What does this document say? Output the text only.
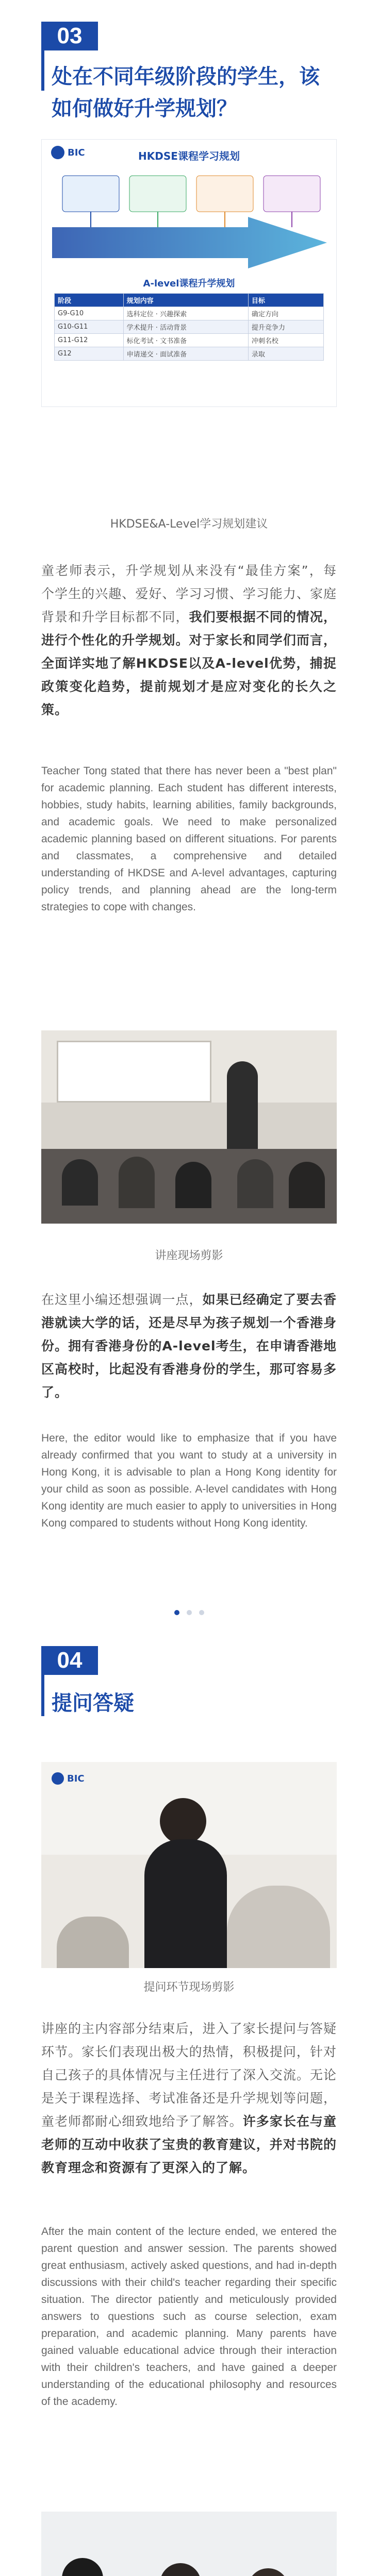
03
处在不同年级阶段的学生，该如何做好升学规划？
BIC	HKDSE课程学习规划
A-level课程升学规划
阶段	规划内容	目标
G9-G10	选科定位 · 兴趣探索	确定方向
G10-G11	学术提升 · 活动背景	提升竞争力
G11-G12	标化考试 · 文书准备	冲刺名校
G12	申请递交 · 面试准备	录取
HKDSE&A-Level学习规划建议
童老师表示，升学规划从来没有“最佳方案”，每个学生的兴趣、爱好、学习习惯、学习能力、家庭背景和升学目标都不同，我们要根据不同的情况，进行个性化的升学规划。对于家长和同学们而言，全面详实地了解HKDSE以及A-level优势，捕捉政策变化趋势，提前规划才是应对变化的长久之策。
Teacher Tong stated that there has never been a "best plan" for academic planning. Each student has different interests, hobbies, study habits, learning abilities, family backgrounds, and academic goals. We need to make personalized academic planning based on different situations. For parents and classmates, a comprehensive and detailed understanding of HKDSE and A-level advantages, capturing policy trends, and planning ahead are the long-term strategies to cope with changes.
讲座现场剪影
在这里小编还想强调一点，如果已经确定了要去香港就读大学的话，还是尽早为孩子规划一个香港身份。拥有香港身份的A-level考生，在申请香港地区高校时，比起没有香港身份的学生，那可容易多了。
Here, the editor would like to emphasize that if you have already confirmed that you want to study at a university in Hong Kong, it is advisable to plan a Hong Kong identity for your child as soon as possible. A-level candidates with Hong Kong identity are much easier to apply to universities in Hong Kong compared to students without Hong Kong identity.
04
提问答疑
BIC
提问环节现场剪影
讲座的主内容部分结束后，进入了家长提问与答疑环节。家长们表现出极大的热情，积极提问，针对自己孩子的具体情况与主任进行了深入交流。无论是关于课程选择、考试准备还是升学规划等问题，童老师都耐心细致地给予了解答。许多家长在与童老师的互动中收获了宝贵的教育建议，并对书院的教育理念和资源有了更深入的了解。
After the main content of the lecture ended, we entered the parent question and answer session. The parents showed great enthusiasm, actively asked questions, and had in-depth discussions with their child's teacher regarding their specific situation. The director patiently and meticulously provided answers to questions such as course selection, exam preparation, and academic planning. Many parents have gained valuable educational advice through their interaction with their children's teachers, and have gained a deeper understanding of the educational philosophy and resources of the academy.
